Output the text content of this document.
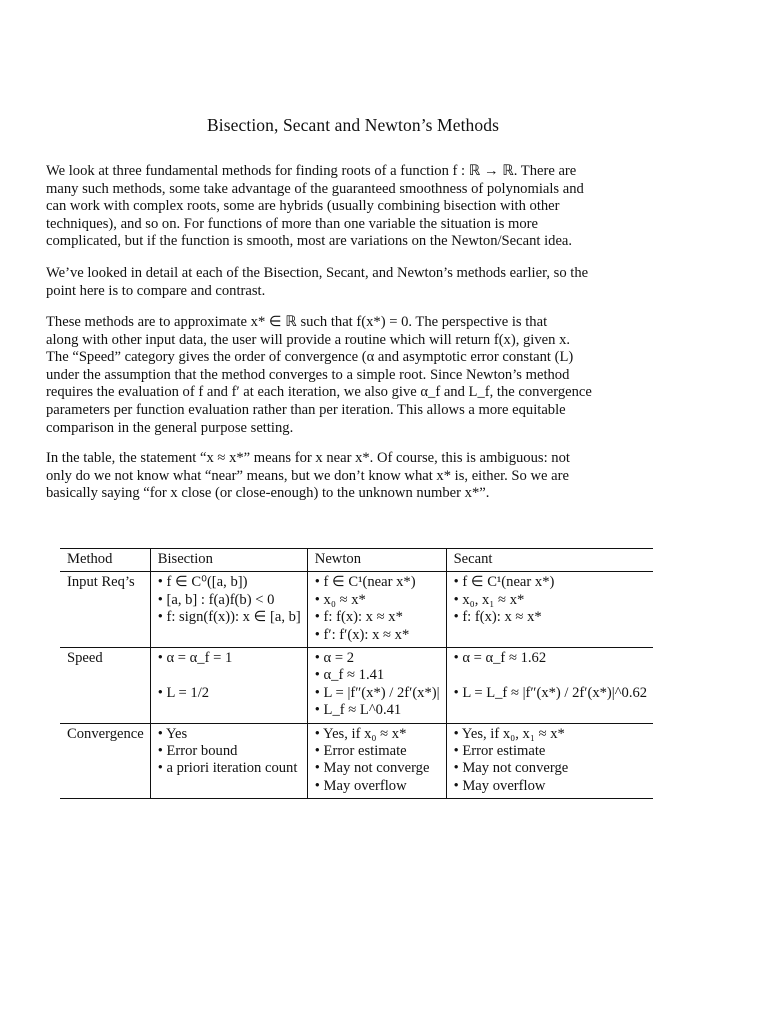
Bisection, Secant and Newton’s Methods
We look at three fundamental methods for finding roots of a function f : ℝ → ℝ. There are
many such methods, some take advantage of the guaranteed smoothness of polynomials and
can work with complex roots, some are hybrids (usually combining bisection with other
techniques), and so on. For functions of more than one variable the situation is more
complicated, but if the function is smooth, most are variations on the Newton/Secant idea.
We’ve looked in detail at each of the Bisection, Secant, and Newton’s methods earlier, so the
point here is to compare and contrast.
These methods are to approximate x* ∈ ℝ such that f(x*) = 0. The perspective is that
along with other input data, the user will provide a routine which will return f(x), given x.
The “Speed” category gives the order of convergence (α and asymptotic error constant (L)
under the assumption that the method converges to a simple root. Since Newton’s method
requires the evaluation of f and f′ at each iteration, we also give α_f and L_f, the convergence
parameters per function evaluation rather than per iteration. This allows a more equitable
comparison in the general purpose setting.
In the table, the statement “x ≈ x*” means for x near x*. Of course, this is ambiguous: not
only do we not know what “near” means, but we don’t know what x* is, either. So we are
basically saying “for x close (or close-enough) to the unknown number x*”.
Method	Bisection	Newton	Secant
Input Req’s	• f ∈ C⁰([a, b])
• [a, b] : f(a)f(b) < 0
• f: sign(f(x)): x ∈ [a, b]	• f ∈ C¹(near x*)
• x₀ ≈ x*
• f: f(x): x ≈ x*
• f′: f′(x): x ≈ x*	• f ∈ C¹(near x*)
• x₀, x₁ ≈ x*
• f: f(x): x ≈ x*

Speed	• α = α_f = 1
• L = 1/2	• α = 2
• α_f ≈ 1.41
• L = |f″(x*) / 2f′(x*)|
• L_f ≈ L^0.41	• α = α_f ≈ 1.62
• L = L_f ≈ |f″(x*) / 2f′(x*)|^0.62

Convergence	• Yes
• Error bound
• a priori iteration count	• Yes, if x₀ ≈ x*
• Error estimate
• May not converge
• May overflow	• Yes, if x₀, x₁ ≈ x*
• Error estimate
• May not converge
• May overflow
